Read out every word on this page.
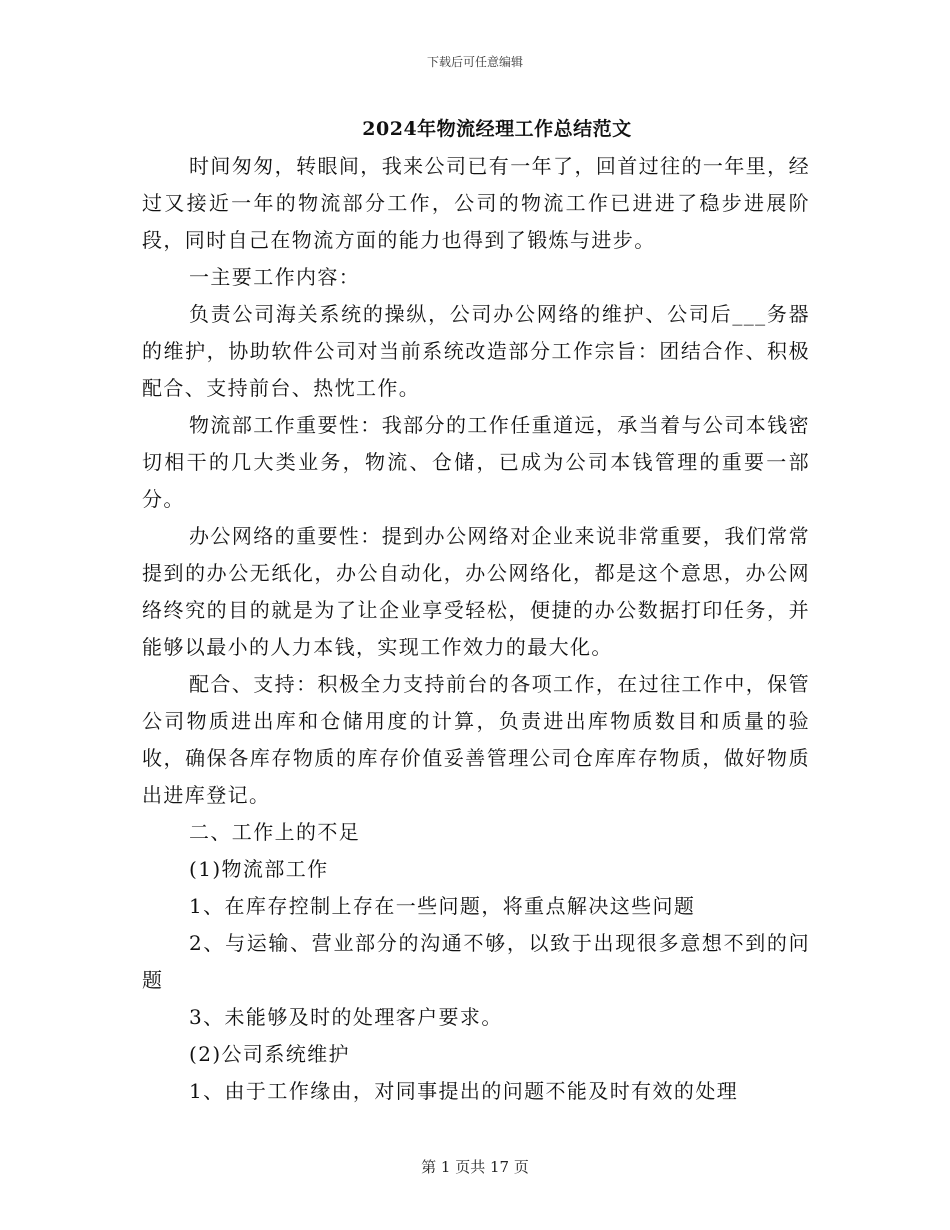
下载后可任意编辑
2024年物流经理工作总结范文

时间匆匆，转眼间，我来公司已有一年了，回首过往的一年里，经过又接近一年的物流部分工作，公司的物流工作已进进了稳步进展阶段，同时自己在物流方面的能力也得到了锻炼与进步。

一主要工作内容：

负责公司海关系统的操纵，公司办公网络的维护、公司后___务器的维护，协助软件公司对当前系统改造部分工作宗旨：团结合作、积极配合、支持前台、热忱工作。

物流部工作重要性：我部分的工作任重道远，承当着与公司本钱密切相干的几大类业务，物流、仓储，已成为公司本钱管理的重要一部分。

办公网络的重要性：提到办公网络对企业来说非常重要，我们常常提到的办公无纸化，办公自动化，办公网络化，都是这个意思，办公网络终究的目的就是为了让企业享受轻松，便捷的办公数据打印任务，并能够以最小的人力本钱，实现工作效力的最大化。

配合、支持：积极全力支持前台的各项工作，在过往工作中，保管公司物质进出库和仓储用度的计算，负责进出库物质数目和质量的验收，确保各库存物质的库存价值妥善管理公司仓库库存物质，做好物质出进库登记。

二、工作上的不足

(1)物流部工作

1、在库存控制上存在一些问题，将重点解决这些问题

2、与运输、营业部分的沟通不够，以致于出现很多意想不到的问题

3、未能够及时的处理客户要求。

(2)公司系统维护

1、由于工作缘由，对同事提出的问题不能及时有效的处理

第 1 页共 17 页
